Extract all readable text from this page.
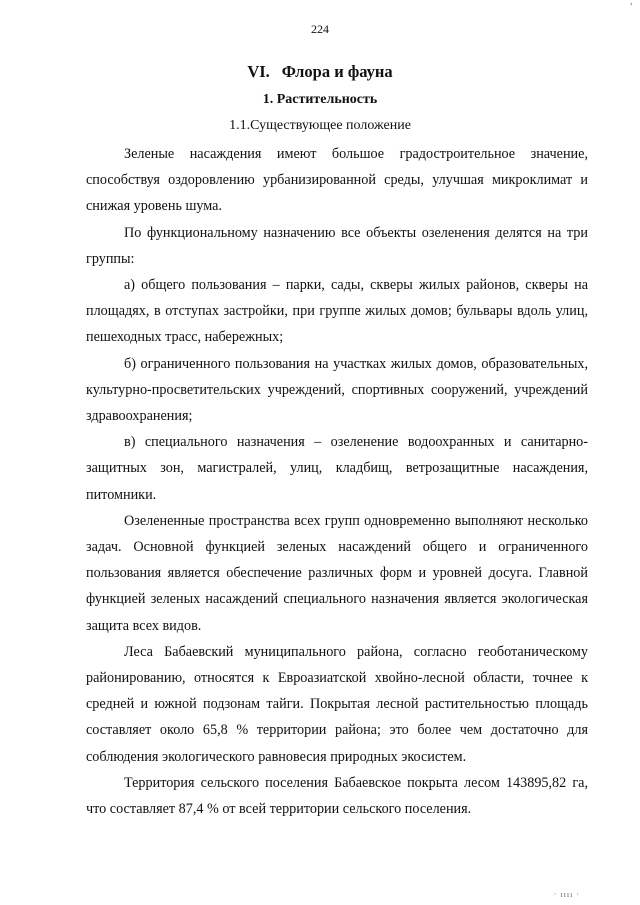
'
224
VI. Флора и фауна
1. Растительность
1.1.Существующее положение

Зеленые насаждения имеют большое градостроительное значение, способствуя оздоровлению урбанизированной среды, улучшая микроклимат и снижая уровень шума.

По функциональному назначению все объекты озеленения делятся на три группы:

а) общего пользования – парки, сады, скверы жилых районов, скверы на площадях, в отступах застройки, при группе жилых домов; бульвары вдоль улиц, пешеходных трасс, набережных;

б) ограниченного пользования на участках жилых домов, образовательных, культурно-просветительских учреждений, спортивных сооружений, учреждений здравоохранения;

в) специального назначения – озеленение водоохранных и санитарно-защитных зон, магистралей, улиц, кладбищ, ветрозащитные насаждения, питомники.

Озелененные пространства всех групп одновременно выполняют несколько задач. Основной функцией зеленых насаждений общего и ограниченного пользования является обеспечение различных форм и уровней досуга. Главной функцией зеленых насаждений специального назначения является экологическая защита всех видов.

Леса Бабаевский муниципального района, согласно геоботаническому районированию, относятся к Евроазиатской хвойно-лесной области, точнее к средней и южной подзонам тайги. Покрытая лесной растительностью площадь составляет около 65,8 % территории района; это более чем достаточно для соблюдения экологического равновесия природных экосистем.

Территория сельского поселения Бабаевское покрыта лесом 143895,82 га, что составляет 87,4 % от всей территории сельского поселения.

· ıııı ·
